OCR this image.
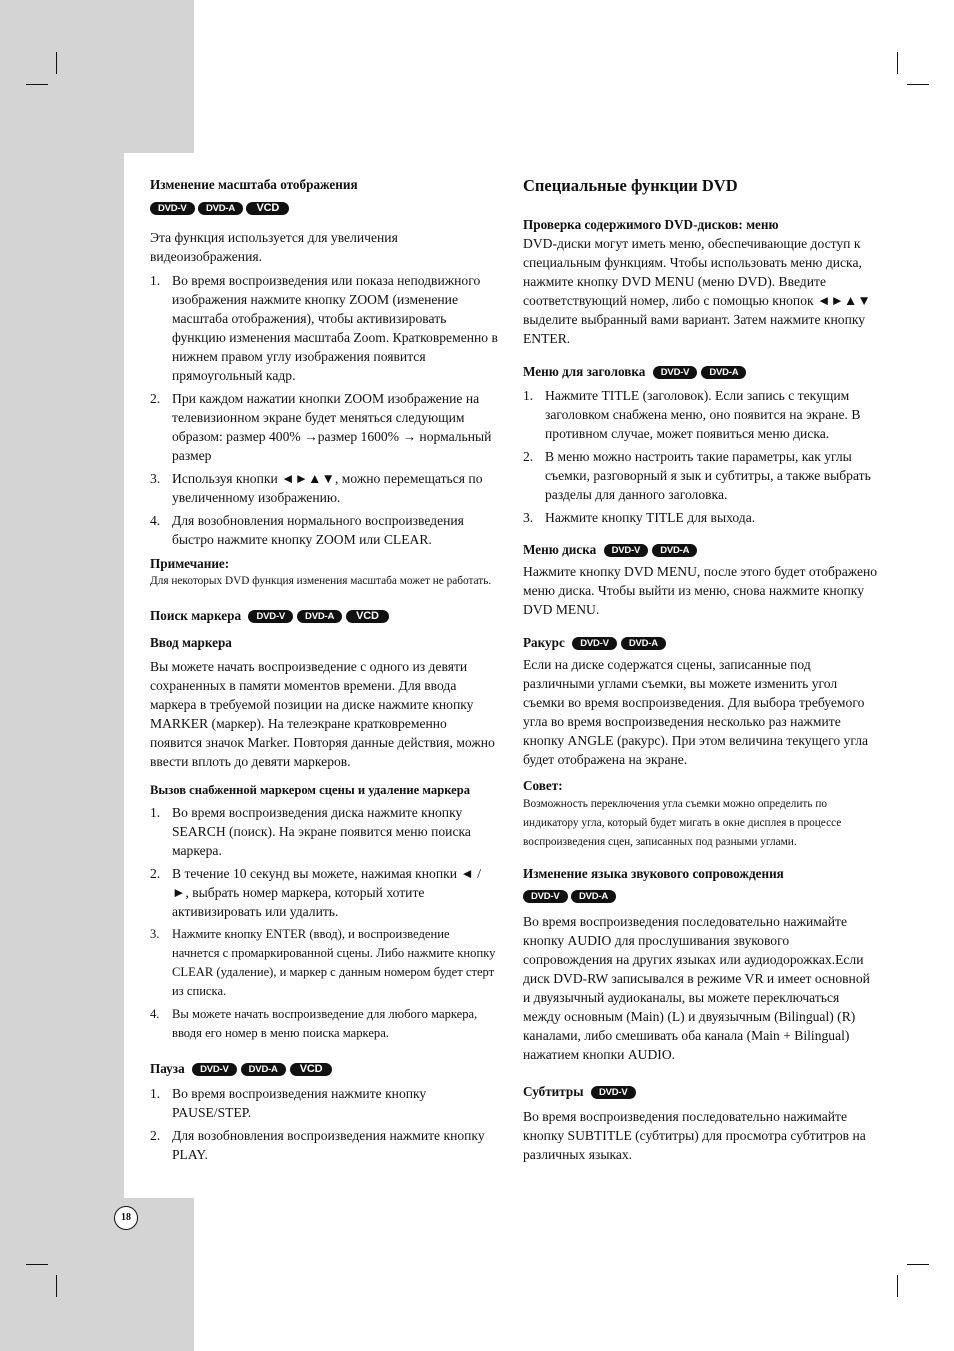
Изменение масштаба отображения
DVD-V DVD-A VCD

Эта функция используется для увеличения видеоизображения.

1. Во время воспроизведения или показа неподвижного изображения нажмите кнопку ZOOM (изменение масштаба отображения), чтобы активизировать функцию изменения масштаба Zoom. Кратковременно в нижнем правом углу изображения появится прямоугольный кадр.
2. При каждом нажатии кнопки ZOOM изображение на телевизионном экране будет меняться следующим образом: размер 400% →размер 1600% → нормальный размер
3. Используя кнопки ◄►▲▼, можно перемещаться по увеличенному изображению.
4. Для возобновления нормального воспроизведения быстро нажмите кнопку ZOOM или CLEAR.
Примечание:

Для некоторых DVD функция изменения масштаба может не работать.

Поиск маркера	DVD-V	DVD-A	VCD
Ввод маркера

Вы можете начать воспроизведение с одного из девяти сохраненных в памяти моментов времени. Для ввода маркера в требуемой позиции на диске нажмите кнопку MARKER (маркер). На телеэкране кратковременно появится значок Marker. Повторяя данные действия, можно ввести вплоть до девяти маркеров.

Вызов снабженной маркером сцены и удаление маркера
1. Во время воспроизведения диска нажмите кнопку SEARCH (поиск). На экране появится меню поиска маркера.
2. В течение 10 секунд вы можете, нажимая кнопки ◄ / ►, выбрать номер маркера, который хотите активизировать или удалить.
3. Нажмите кнопку ENTER (ввод), и воспроизведение начнется с промаркированной сцены. Либо нажмите кнопку CLEAR (удаление), и маркер с данным номером будет стерт из списка.
4. Вы можете начать воспроизведение для любого маркера, вводя его номер в меню поиска маркера.
Пауза	DVD-V	DVD-A	VCD
1. Во время воспроизведения нажмите кнопку PAUSE/STEP.
2. Для возобновления воспроизведения нажмите кнопку PLAY.
Специальные функции DVD
Проверка содержимого DVD-дисков: меню

DVD-диски могут иметь меню, обеспечивающие доступ к специальным функциям. Чтобы использовать меню диска, нажмите кнопку DVD MENU (меню DVD). Введите соответствующий номер, либо с помощью кнопок ◄►▲▼ выделите выбранный вами вариант. Затем нажмите кнопку ENTER.

Меню для заголовка	DVD-V	DVD-A
1. Нажмите TITLE (заголовок). Если запись с текущим заголовком снабжена меню, оно появится на экране. В противном случае, может появиться меню диска.
2. В меню можно настроить такие параметры, как углы съемки, разговорный я зык и субтитры, а также выбрать разделы для данного заголовка.
3. Нажмите кнопку TITLE для выхода.
Меню диска	DVD-V	DVD-A

Нажмите кнопку DVD MENU, после этого будет отображено меню диска. Чтобы выйти из меню, снова нажмите кнопку DVD MENU.

Ракурс	DVD-V	DVD-A

Если на диске содержатся сцены, записанные под различными углами съемки, вы можете изменить угол съемки во время воспроизведения. Для выбора требуемого угла во время воспроизведения несколько раз нажмите кнопку ANGLE (ракурс). При этом величина текущего угла будет отображена на экране.

Совет:

Возможность переключения угла съемки можно определить по индикатору угла, который будет мигать в окне дисплея в процессе воспроизведения сцен, записанных под разными углами.

Изменение языка звукового сопровождения
DVD-V DVD-A

Во время воспроизведения последовательно нажимайте кнопку AUDIO для прослушивания звукового сопровождения на других языках или аудиодорожках.Если диск DVD-RW записывался в режиме VR и имеет основной и двуязычный аудиоканалы, вы можете переключаться между основным (Main) (L) и двуязычным (Bilingual) (R) каналами, либо смешивать оба канала (Main + Bilingual) нажатием кнопки AUDIO.

Субтитры	DVD-V

Во время воспроизведения последовательно нажимайте кнопку SUBTITLE (субтитры) для просмотра субтитров на различных языках.

18
